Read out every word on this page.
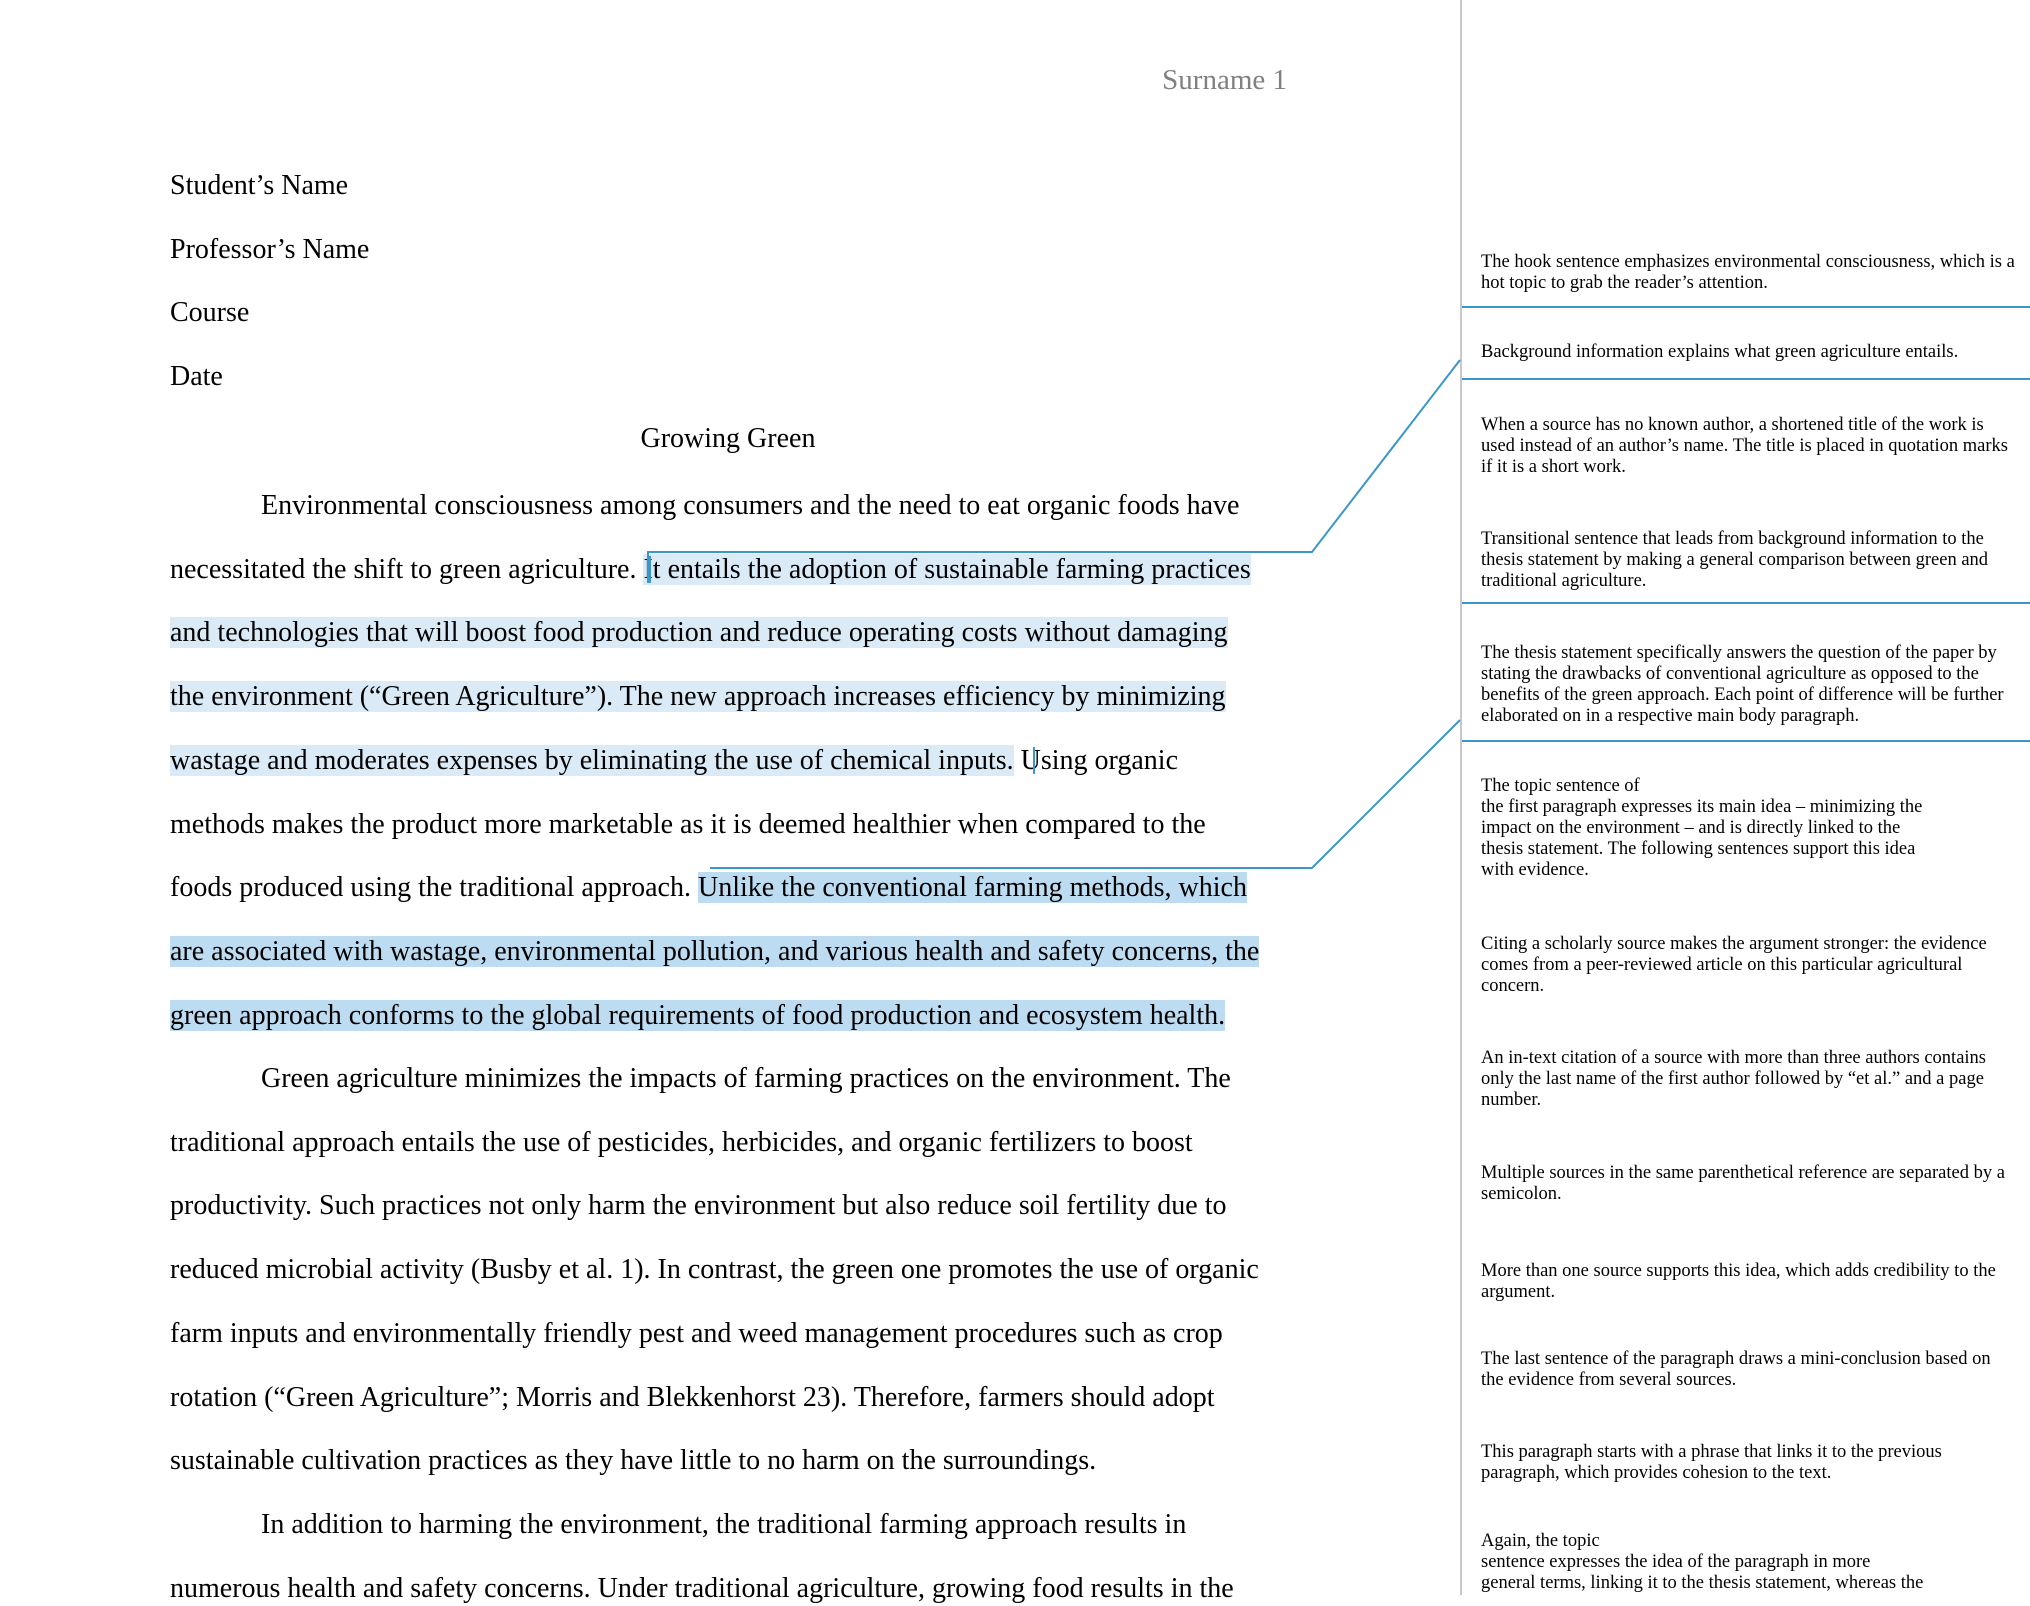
Surname 1
Student’s Name
Professor’s Name
Course
Date
Growing Green
Environmental consciousness among consumers and the need to eat organic foods have
necessitated the shift to green agriculture. It entails the adoption of sustainable farming practices
and technologies that will boost food production and reduce operating costs without damaging
the environment (“Green Agriculture”). The new approach increases efficiency by minimizing
wastage and moderates expenses by eliminating the use of chemical inputs. Using organic
methods makes the product more marketable as it is deemed healthier when compared to the
foods produced using the traditional approach. Unlike the conventional farming methods, which
are associated with wastage, environmental pollution, and various health and safety concerns, the
green approach conforms to the global requirements of food production and ecosystem health.
Green agriculture minimizes the impacts of farming practices on the environment. The
traditional approach entails the use of pesticides, herbicides, and organic fertilizers to boost
productivity. Such practices not only harm the environment but also reduce soil fertility due to
reduced microbial activity (Busby et al. 1). In contrast, the green one promotes the use of organic
farm inputs and environmentally friendly pest and weed management procedures such as crop
rotation (“Green Agriculture”; Morris and Blekkenhorst 23). Therefore, farmers should adopt
sustainable cultivation practices as they have little to no harm on the surroundings.
In addition to harming the environment, the traditional farming approach results in
numerous health and safety concerns. Under traditional agriculture, growing food results in the
The hook sentence emphasizes environmental consciousness, which is a hot topic to grab the reader’s attention.
Background information explains what green agriculture entails.
When a source has no known author, a shortened title of the work is used instead of an author’s name. The title is placed in quotation marks if it is a short work.
Transitional sentence that leads from background information to the thesis statement by making a general comparison between green and traditional agriculture.
The thesis statement specifically answers the question of the paper by stating the drawbacks of conventional agriculture as opposed to the benefits of the green approach. Each point of difference will be further elaborated on in a respective main body paragraph.
The topic sentence of
the first paragraph expresses its main idea – minimizing the
impact on the environment – and is directly linked to the
thesis statement. The following sentences support this idea
with evidence.
Citing a scholarly source makes the argument stronger: the evidence comes from a peer-reviewed article on this particular agricultural concern.
An in-text citation of a source with more than three authors contains only the last name of the first author followed by “et al.” and a page number.
Multiple sources in the same parenthetical reference are separated by a semicolon.
More than one source supports this idea, which adds credibility to the argument.
The last sentence of the paragraph draws a mini-conclusion based on the evidence from several sources.
This paragraph starts with a phrase that links it to the previous paragraph, which provides cohesion to the text.
Again, the topic
sentence expresses the idea of the paragraph in more
general terms, linking it to the thesis statement, whereas the
